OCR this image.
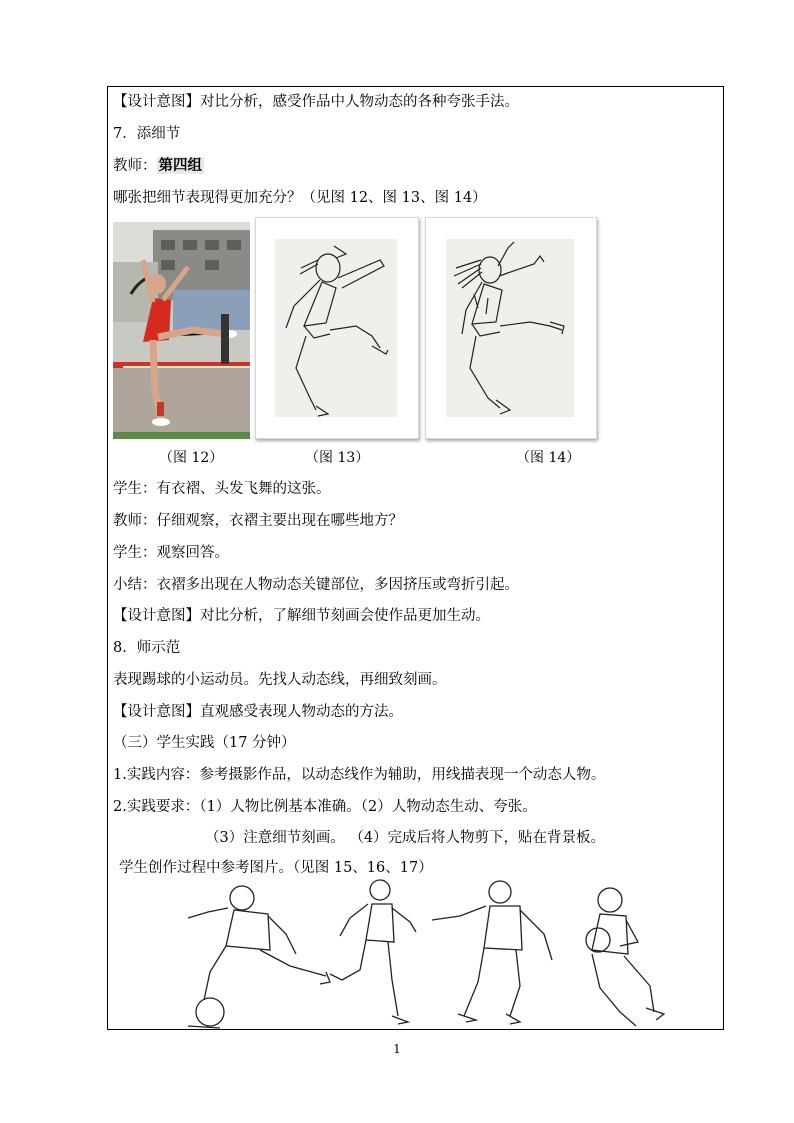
【设计意图】对比分析，感受作品中人物动态的各种夸张手法。
7．添细节
教师： 第四组
哪张把细节表现得更加充分？（见图 12、图 13、图 14）
（图 12）	（图 13）	（图 14）
学生：有衣褶、头发飞舞的这张。
教师：仔细观察，衣褶主要出现在哪些地方？
学生：观察回答。
小结：衣褶多出现在人物动态关键部位，多因挤压或弯折引起。
【设计意图】对比分析，了解细节刻画会使作品更加生动。
8．师示范
表现踢球的小运动员。先找人动态线，再细致刻画。
【设计意图】直观感受表现人物动态的方法。
（三）学生实践（17 分钟）
1.实践内容：参考摄影作品，以动态线作为辅助，用线描表现一个动态人物。
2.实践要求：（1）人物比例基本准确。（2）人物动态生动、夸张。
（3）注意细节刻画。 （4）完成后将人物剪下，贴在背景板。
学生创作过程中参考图片。（见图 15、16、17）
1
